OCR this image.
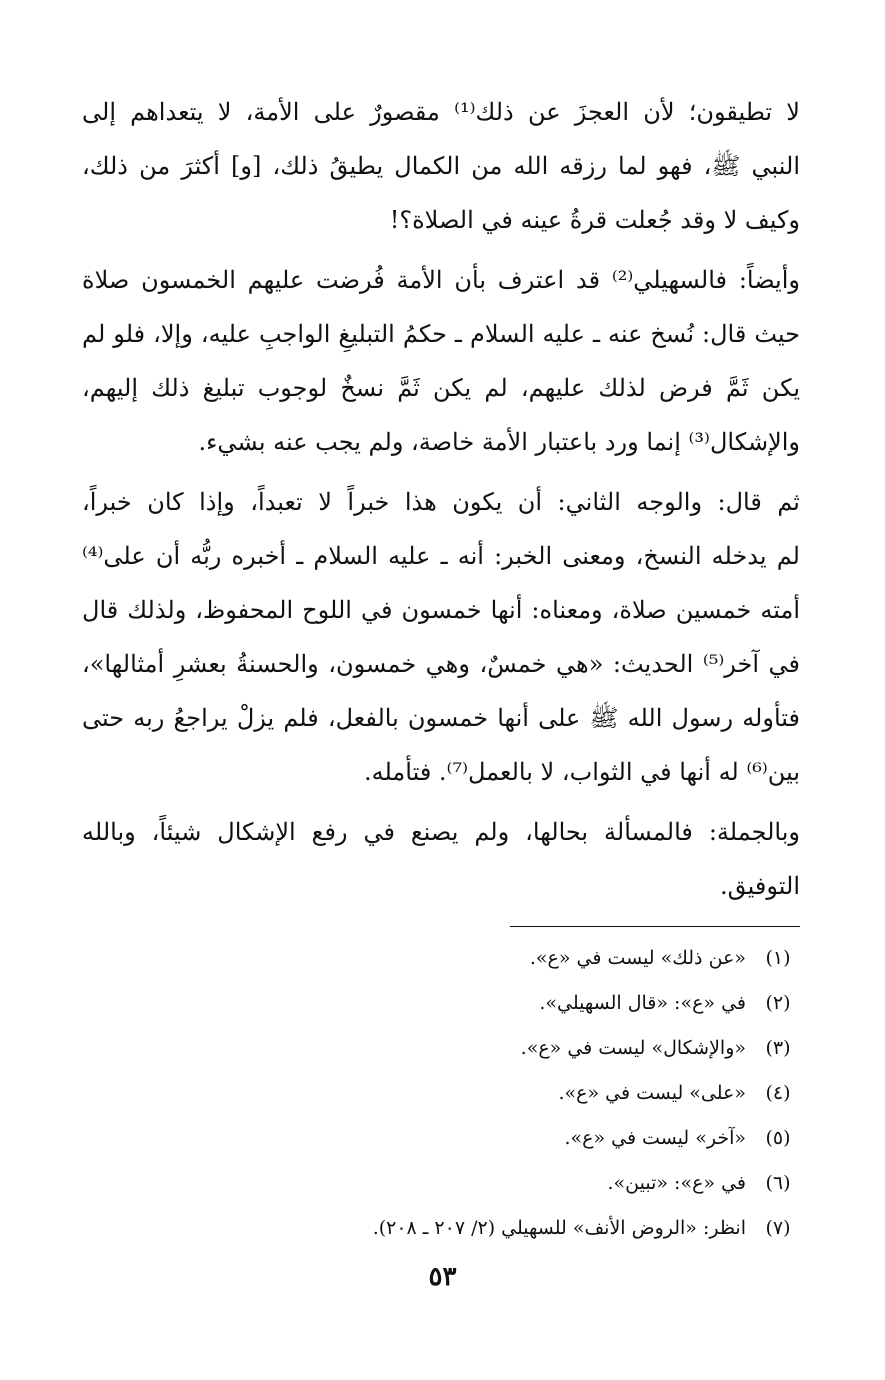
لا تطيقون؛ لأن العجزَ عن ذلك⁽¹⁾ مقصورٌ على الأمة، لا يتعداهم إلى
النبي ﷺ، فهو لما رزقه الله من الكمال يطيقُ ذلك، [و] أكثرَ من ذلك،
وكيف لا وقد جُعلت قرةُ عينه في الصلاة؟!
وأيضاً: فالسهيلي⁽²⁾ قد اعترف بأن الأمة فُرضت عليهم الخمسون صلاة
حيث قال: نُسخ عنه ـ عليه السلام ـ حكمُ التبليغِ الواجبِ عليه، وإلا، فلو لم
يكن ثَمَّ فرض لذلك عليهم، لم يكن ثَمَّ نسخٌ لوجوب تبليغ ذلك إليهم،
والإشكال⁽³⁾ إنما ورد باعتبار الأمة خاصة، ولم يجب عنه بشيء.
ثم قال: والوجه الثاني: أن يكون هذا خبراً لا تعبداً، وإذا كان خبراً،
لم يدخله النسخ، ومعنى الخبر: أنه ـ عليه السلام ـ أخبره ربُّه أن على⁽⁴⁾
أمته خمسين صلاة، ومعناه: أنها خمسون في اللوح المحفوظ، ولذلك قال
في آخر⁽⁵⁾ الحديث: «هي خمسٌ، وهي خمسون، والحسنةُ بعشرِ أمثالها»،
فتأوله رسول الله ﷺ على أنها خمسون بالفعل، فلم يزلْ يراجعُ ربه حتى
بين⁽⁶⁾ له أنها في الثواب، لا بالعمل⁽⁷⁾. فتأمله.
وبالجملة: فالمسألة بحالها، ولم يصنع في رفع الإشكال شيئاً، وبالله
التوفيق.
(١)
«عن ذلك» ليست في «ع».
(٢)
في «ع»: «قال السهيلي».
(٣)
«والإشكال» ليست في «ع».
(٤)
«على» ليست في «ع».
(٥)
«آخر» ليست في «ع».
(٦)
في «ع»: «تبين».
(٧)
انظر: «الروض الأنف» للسهيلي (٢/ ٢٠٧ ـ ٢٠٨).
٥٣
